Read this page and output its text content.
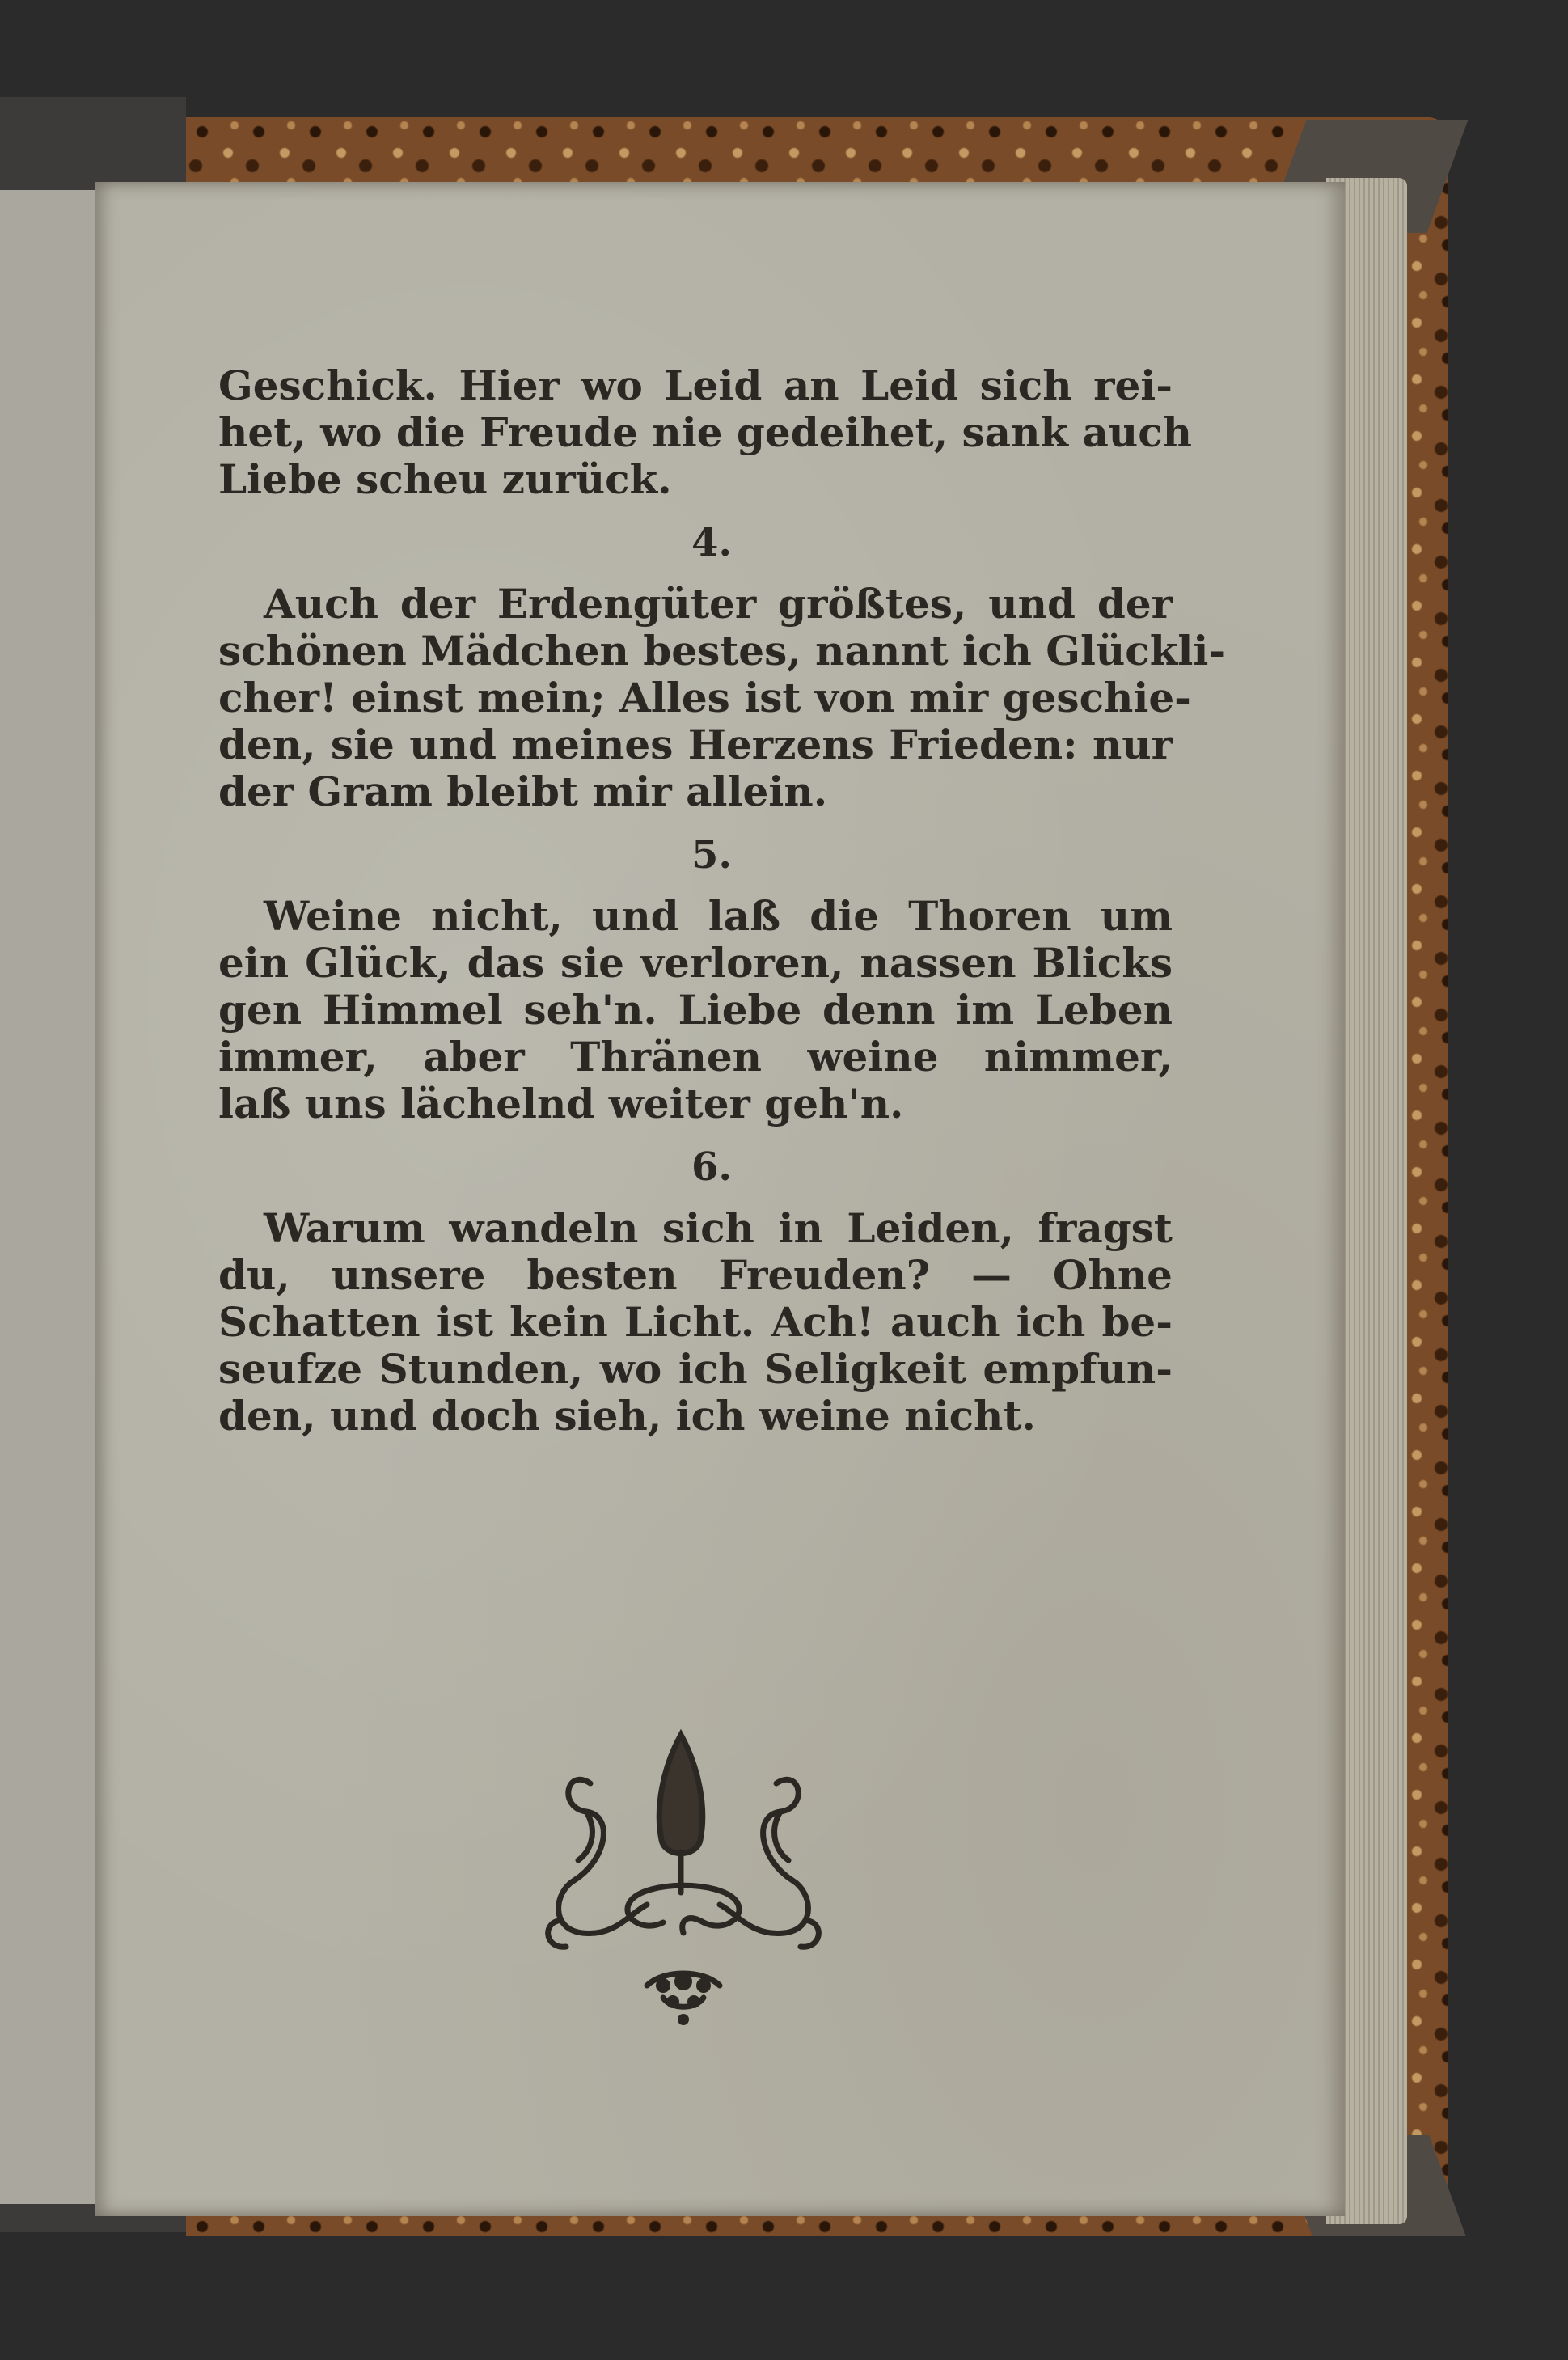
Geschick. Hier wo Leid an Leid sich rei-
het, wo die Freude nie gedeihet, sank auch
Liebe scheu zurück.
4.
Auch der Erdengüter größtes, und der
schönen Mädchen bestes, nannt ich Glückli-
cher! einst mein; Alles ist von mir geschie-
den, sie und meines Herzens Frieden: nur
der Gram bleibt mir allein.
5.
Weine nicht, und laß die Thoren um
ein Glück, das sie verloren, nassen Blicks
gen Himmel seh'n. Liebe denn im Leben
immer, aber Thränen weine nimmer,
laß uns lächelnd weiter geh'n.
6.
Warum wandeln sich in Leiden, fragst
du, unsere besten Freuden? — Ohne
Schatten ist kein Licht. Ach! auch ich be-
seufze Stunden, wo ich Seligkeit empfun-
den, und doch sieh, ich weine nicht.
